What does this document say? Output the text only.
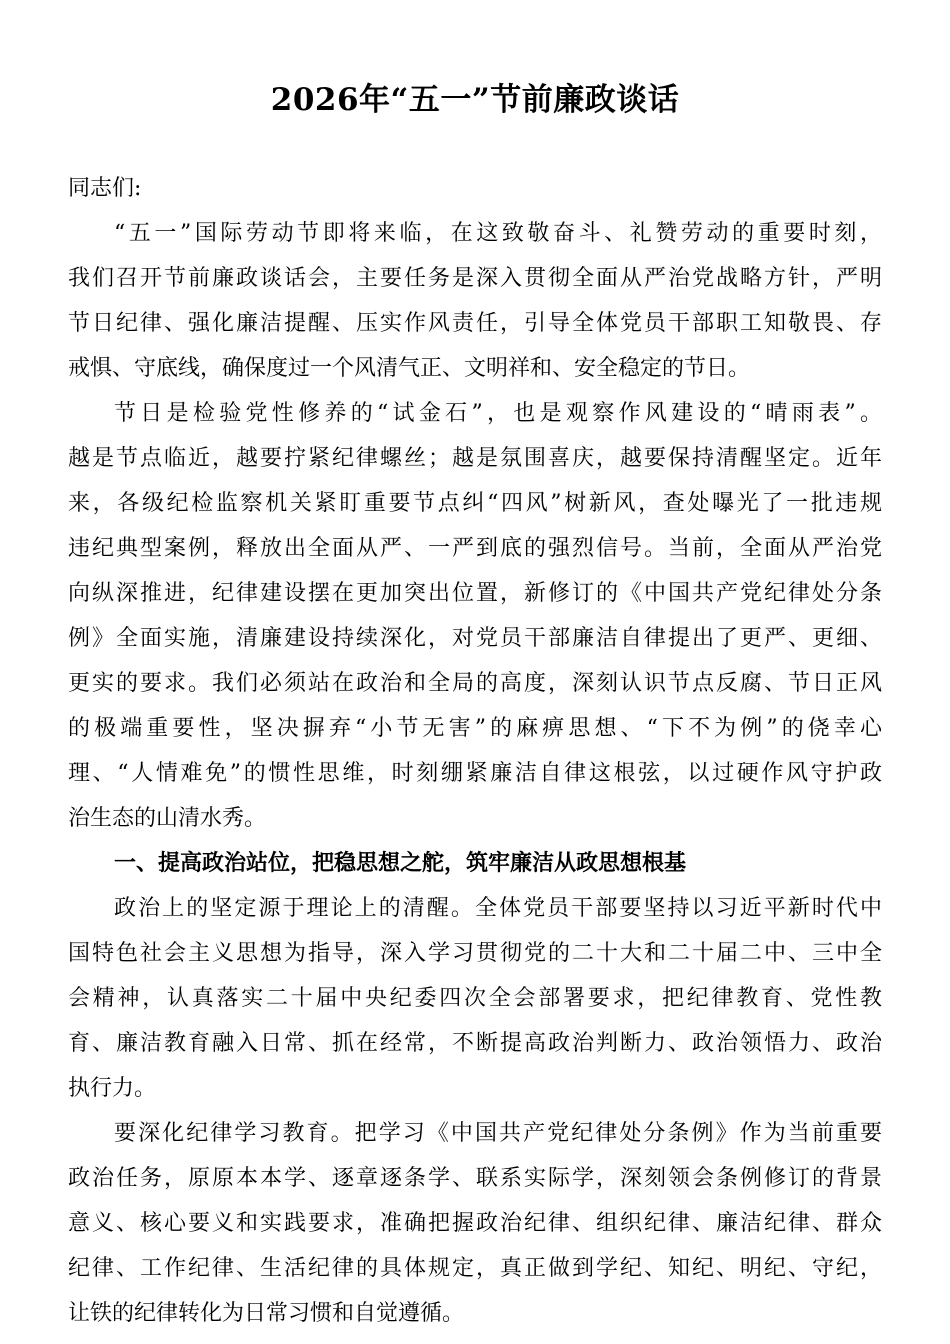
2026年“五一”节前廉政谈话
同志们:
“五一”国际劳动节即将来临，在这致敬奋斗、礼赞劳动的重要时刻，
我们召开节前廉政谈话会，主要任务是深入贯彻全面从严治党战略方针，严明
节日纪律、强化廉洁提醒、压实作风责任，引导全体党员干部职工知敬畏、存
戒惧、守底线，确保度过一个风清气正、文明祥和、安全稳定的节日。
节日是检验党性修养的“试金石”，也是观察作风建设的“晴雨表”。
越是节点临近，越要拧紧纪律螺丝；越是氛围喜庆，越要保持清醒坚定。近年
来，各级纪检监察机关紧盯重要节点纠“四风”树新风，查处曝光了一批违规
违纪典型案例，释放出全面从严、一严到底的强烈信号。当前，全面从严治党
向纵深推进，纪律建设摆在更加突出位置，新修订的《中国共产党纪律处分条
例》全面实施，清廉建设持续深化，对党员干部廉洁自律提出了更严、更细、
更实的要求。我们必须站在政治和全局的高度，深刻认识节点反腐、节日正风
的极端重要性，坚决摒弃“小节无害”的麻痹思想、“下不为例”的侥幸心
理、“人情难免”的惯性思维，时刻绷紧廉洁自律这根弦，以过硬作风守护政
治生态的山清水秀。
一、提高政治站位，把稳思想之舵，筑牢廉洁从政思想根基
政治上的坚定源于理论上的清醒。全体党员干部要坚持以习近平新时代中
国特色社会主义思想为指导，深入学习贯彻党的二十大和二十届二中、三中全
会精神，认真落实二十届中央纪委四次全会部署要求，把纪律教育、党性教
育、廉洁教育融入日常、抓在经常，不断提高政治判断力、政治领悟力、政治
执行力。
要深化纪律学习教育。把学习《中国共产党纪律处分条例》作为当前重要
政治任务，原原本本学、逐章逐条学、联系实际学，深刻领会条例修订的背景
意义、核心要义和实践要求，准确把握政治纪律、组织纪律、廉洁纪律、群众
纪律、工作纪律、生活纪律的具体规定，真正做到学纪、知纪、明纪、守纪，
让铁的纪律转化为日常习惯和自觉遵循。
